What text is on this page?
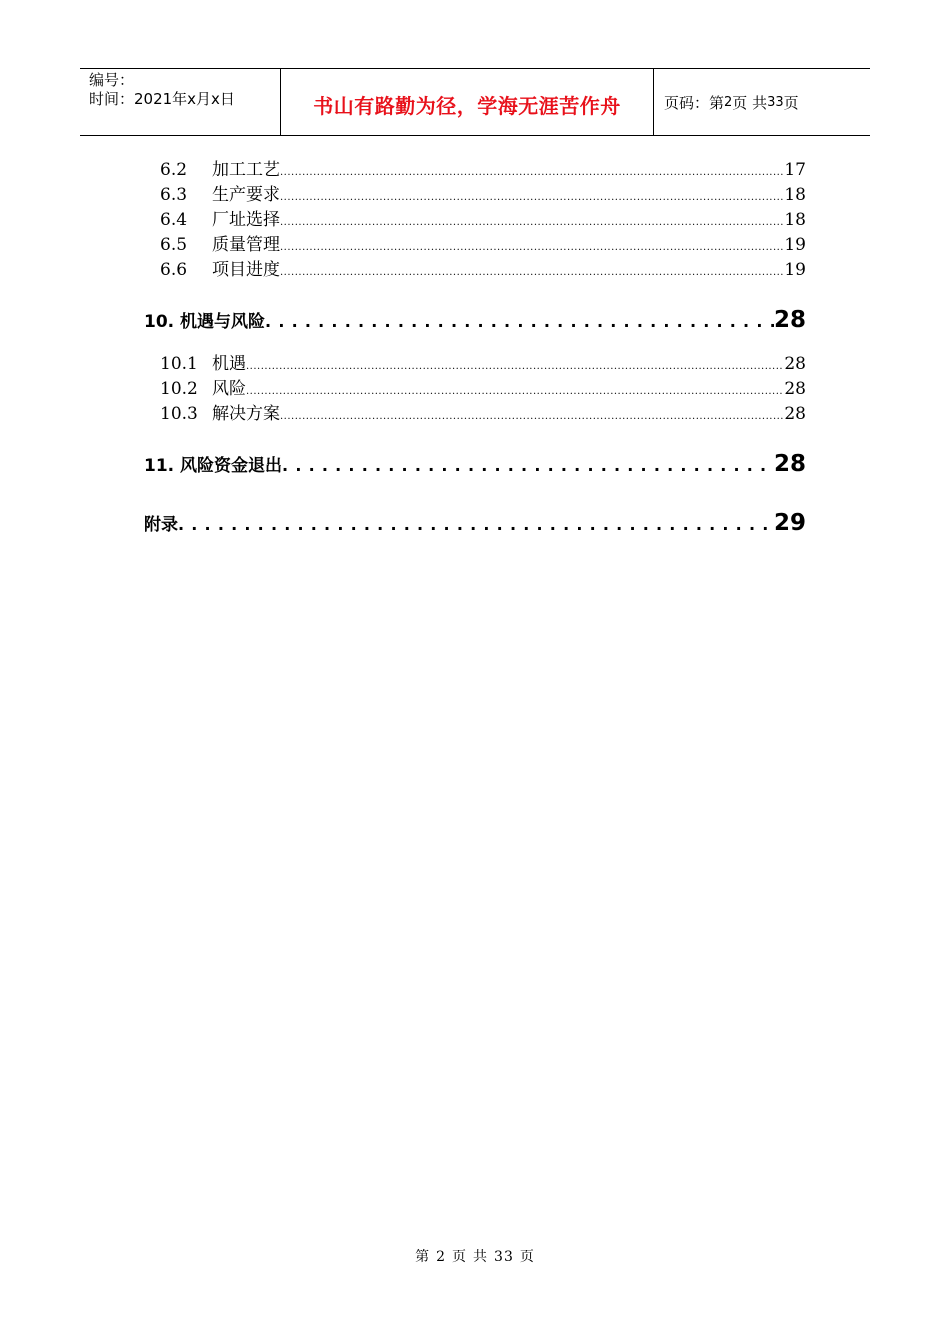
编号：
时间：2021年x月x日	书山有路勤为径，学海无涯苦作舟	页码：第 2 页 共 33 页
6.2	加工工艺 .....	17
6.3	生产要求 .....	18
6.4	厂址选择 .....	18
6.5	质量管理 .....	19
6.6	项目进度 .....	19
10. 机遇与风险 .....	28
10.1 机遇 .....	28
10.2 风险 .....	28
10.3 解决方案 .....	28
11. 风险资金退出 .....	28
附录 .....	29
第 2 页 共 33 页
